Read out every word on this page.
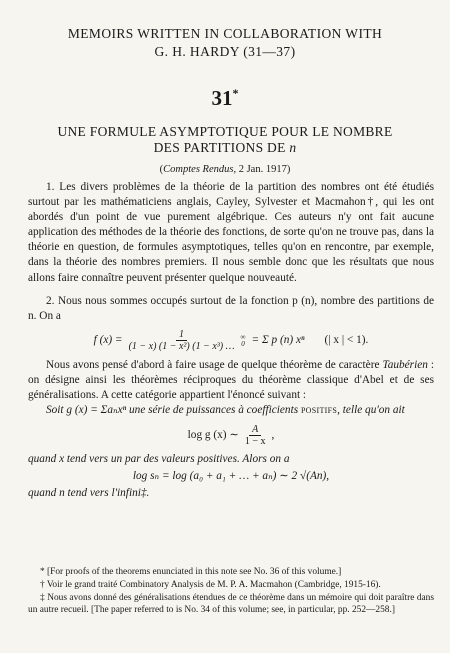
MEMOIRS WRITTEN IN COLLABORATION WITH
G. H. HARDY (31—37)
31*
UNE FORMULE ASYMPTOTIQUE POUR LE NOMBRE
DES PARTITIONS DE n
(Comptes Rendus, 2 Jan. 1917)

1. Les divers problèmes de la théorie de la partition des nombres ont été étudiés surtout par les mathématiciens anglais, Cayley, Sylvester et Macmahon†, qui les ont abordés d'un point de vue purement algébrique. Ces auteurs n'y ont fait aucune application des méthodes de la théorie des fonctions, de sorte qu'on ne trouve pas, dans la théorie en question, de formules asymptotiques, telles qu'on en rencontre, par exemple, dans la théorie des nombres premiers. Il nous semble donc que les résultats que nous allons faire connaître peuvent présenter quelque nouveauté.

2. Nous nous sommes occupés surtout de la fonction p (n), nombre des partitions de n. On a

f $(x) = \frac{1}{\text{(1 − x) (1 − x²) (1 − x³) …}}$ ∞
0 = Σ p (n) xⁿ (| x | < 1).

Nous avons pensé d'abord à faire usage de quelque théorème de caractère Taubérien : on désigne ainsi les théorèmes réciproques du théorème classique d'Abel et de ses généralisations. A cette catégorie appartient l'énoncé suivant :

Soit g (x) = Σaₙxⁿ une série de puissances à coefficients positifs, telle qu'on ait

log g (x) ∼ $\frac{A}{1 - x}$ ,

quand x tend vers un par des valeurs positives. Alors on a

log sₙ = log (a₀ + a₁ + … + aₙ) ∼ 2 √(An),

quand n tend vers l'infini‡.

* [For proofs of the theorems enunciated in this note see No. 36 of this volume.]

† Voir le grand traité Combinatory Analysis de M. P. A. Macmahon (Cambridge, 1915-16).

‡ Nous avons donné des généralisations étendues de ce théorème dans un mémoire qui doit paraître dans un autre recueil. [The paper referred to is No. 34 of this volume; see, in particular, pp. 252—258.]
